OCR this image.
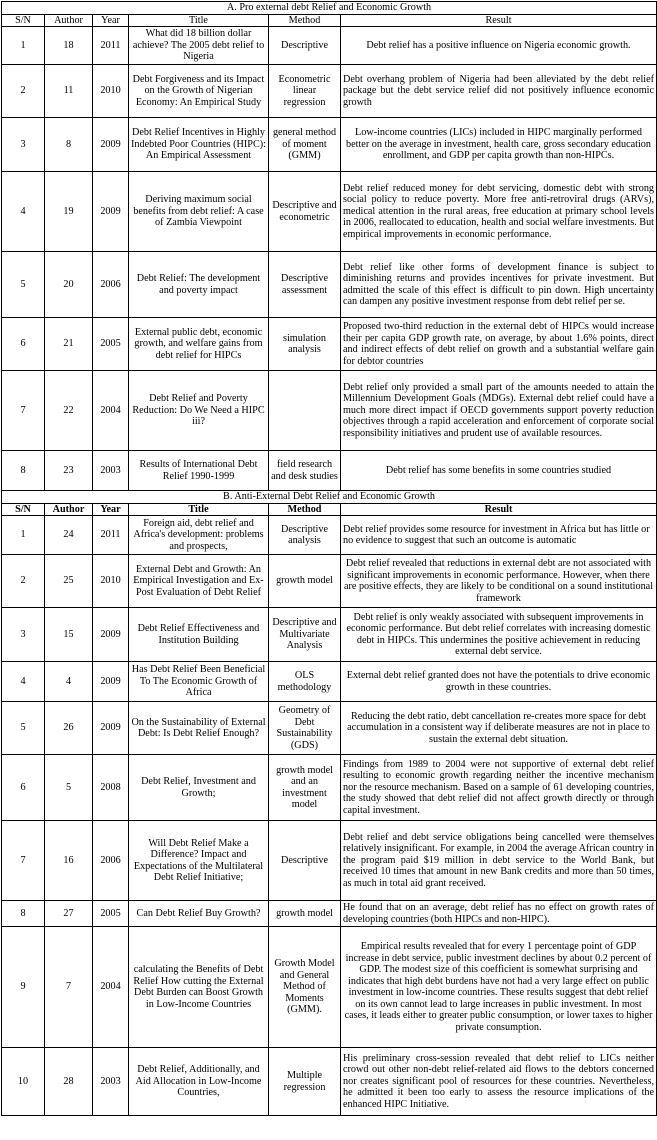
A. Pro external debt Relief and Economic Growth					
S/N	Author	Year	Title	Method	Result
1	18	2011	What did 18 billion dollar achieve? The 2005 debt relief to Nigeria	Descriptive	Debt relief has a positive influence on Nigeria economic growth.
2	11	2010	Debt Forgiveness and its Impact on the Growth of Nigerian Economy: An Empirical Study	Econometric linear regression	Debt overhang problem of Nigeria had been alleviated by the debt relief package but the debt service relief did not positively influence economic growth
3	8	2009	Debt Relief Incentives in Highly Indebted Poor Countries (HIPC): An Empirical Assessment	general method of moment (GMM)	Low-income countries (LICs) included in HIPC marginally performed better on the average in investment, health care, gross secondary education enrollment, and GDP per capita growth than non-HIPCs.
4	19	2009	Deriving maximum social benefits from debt relief: A case of Zambia Viewpoint	Descriptive and econometric	Debt relief reduced money for debt servicing, domestic debt with strong social policy to reduce poverty. More free anti-retroviral drugs (ARVs), medical attention in the rural areas, free education at primary school levels in 2006, reallocated to education, health and social welfare investments. But empirical improvements in economic performance.
5	20	2006	Debt Relief: The development and poverty impact	Descriptive assessment	Debt relief like other forms of development finance is subject to diminishing returns and provides incentives for private investment. But admitted the scale of this effect is difficult to pin down. High uncertainty can dampen any positive investment response from debt relief per se.
6	21	2005	External public debt, economic growth, and welfare gains from debt relief for HIPCs	simulation analysis	Proposed two-third reduction in the external debt of HIPCs would increase their per capita GDP growth rate, on average, by about 1.6% points, direct and indirect effects of debt relief on growth and a substantial welfare gain for debtor countries
7	22	2004	Debt Relief and Poverty Reduction: Do We Need a HIPC iii?		Debt relief only provided a small part of the amounts needed to attain the Millennium Development Goals (MDGs). External debt relief could have a much more direct impact if OECD governments support poverty reduction objectives through a rapid acceleration and enforcement of corporate social responsibility initiatives and prudent use of available resources.
8	23	2003	Results of International Debt Relief 1990-1999	field research and desk studies	Debt relief has some benefits in some countries studied
B. Anti-External Debt Relief and Economic Growth					
S/N	Author	Year	Title	Method	Result
1	24	2011	Foreign aid, debt relief and Africa's development: problems and prospects,	Descriptive analysis	Debt relief provides some resource for investment in Africa but has little or no evidence to suggest that such an outcome is automatic
2	25	2010	External Debt and Growth: An Empirical Investigation and Ex-Post Evaluation of Debt Relief	growth model	Debt relief revealed that reductions in external debt are not associated with significant improvements in economic performance. However, when there are positive effects, they are likely to be conditional on a sound institutional framework
3	15	2009	Debt Relief Effectiveness and Institution Building	Descriptive and Multivariate Analysis	Debt relief is only weakly associated with subsequent improvements in economic performance. But debt relief correlates with increasing domestic debt in HIPCs. This undermines the positive achievement in reducing external debt service.
4	4	2009	Has Debt Relief Been Beneficial To The Economic Growth of Africa	OLS methodology	External debt relief granted does not have the potentials to drive economic growth in these countries.
5	26	2009	On the Sustainability of External Debt: Is Debt Relief Enough?	Geometry of Debt Sustainability (GDS)	Reducing the debt ratio, debt cancellation re-creates more space for debt accumulation in a consistent way if deliberate measures are not in place to sustain the external debt situation.
6	5	2008	Debt Relief, Investment and Growth;	growth model and an investment model	Findings from 1989 to 2004 were not supportive of external debt relief resulting to economic growth regarding neither the incentive mechanism nor the resource mechanism. Based on a sample of 61 developing countries, the study showed that debt relief did not affect growth directly or through capital investment.
7	16	2006	Will Debt Relief Make a Difference? Impact and Expectations of the Multilateral Debt Relief Initiative;	Descriptive	Debt relief and debt service obligations being cancelled were themselves relatively insignificant. For example, in 2004 the average African country in the program paid $19 million in debt service to the World Bank, but received 10 times that amount in new Bank credits and more than 50 times, as much in total aid grant received.
8	27	2005	Can Debt Relief Buy Growth?	growth model	He found that on an average, debt relief has no effect on growth rates of developing countries (both HIPCs and non-HIPC).
9	7	2004	calculating the Benefits of Debt Relief How cutting the External Debt Burden can Boost Growth in Low-Income Countries	Growth Model and General Method of Moments (GMM).	Empirical results revealed that for every 1 percentage point of GDP increase in debt service, public investment declines by about 0.2 percent of GDP. The modest size of this coefficient is somewhat surprising and indicates that high debt burdens have not had a very large effect on public investment in low-income countries. These results suggest that debt relief on its own cannot lead to large increases in public investment. In most cases, it leads either to greater public consumption, or lower taxes to higher private consumption.
10	28	2003	Debt Relief, Additionally, and Aid Allocation in Low-Income Countries,	Multiple regression	His preliminary cross-session revealed that debt relief to LICs neither crowd out other non-debt relief-related aid flows to the debtors concerned nor creates significant pool of resources for these countries. Nevertheless, he admitted it been too early to assess the resource implications of the enhanced HIPC Initiative.
